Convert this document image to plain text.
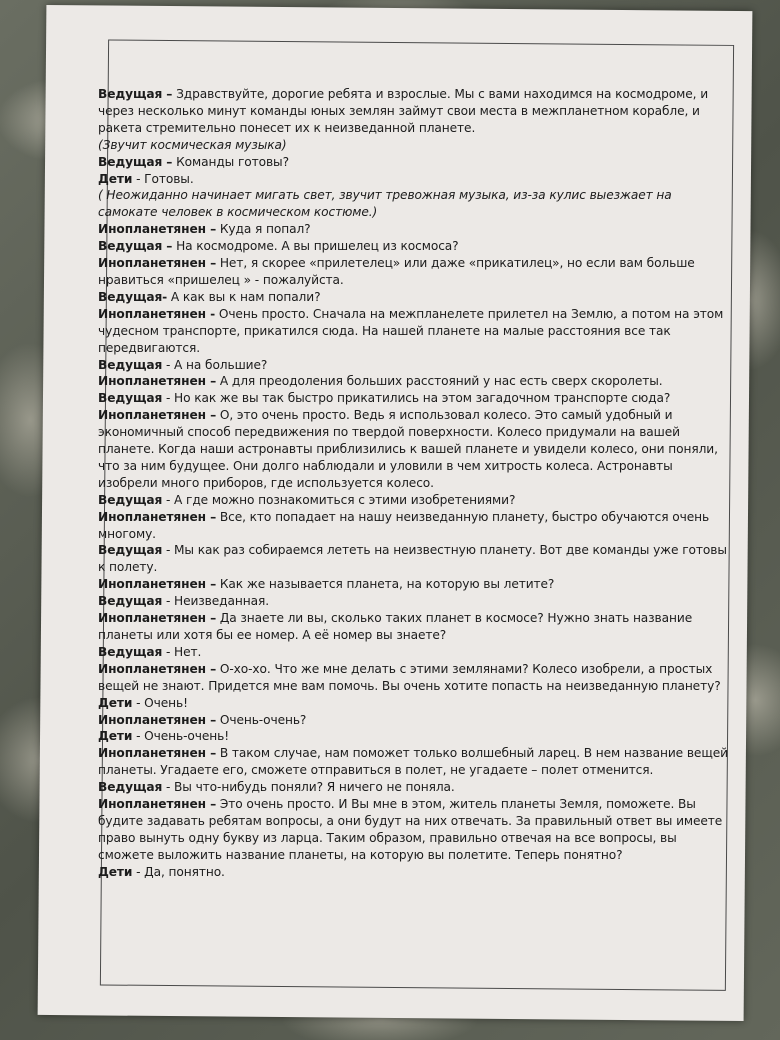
Ведущая – Здравствуйте, дорогие ребята и взрослые. Мы с вами находимся на космодроме, и через несколько минут команды юных землян займут свои места в межпланетном корабле, и ракета стремительно понесет их к неизведанной планете.

(Звучит космическая музыка)

Ведущая – Команды готовы?

Дети - Готовы.

( Неожиданно начинает мигать свет, звучит тревожная музыка, из-за кулис выезжает на самокате человек в космическом костюме.)

Инопланетянен – Куда я попал?

Ведущая – На космодроме. А вы пришелец из космоса?

Инопланетянен – Нет, я скорее «прилетелец» или даже «прикатилец», но если вам больше нравиться «пришелец » - пожалуйста.

Ведущая- А как вы к нам попали?

Инопланетянен - Очень просто. Сначала на межпланелете прилетел на Землю, а потом на этом чудесном транспорте, прикатился сюда. На нашей планете на малые расстояния все так передвигаются.

Ведущая - А на большие?

Инопланетянен – А для преодоления больших расстояний у нас есть сверх скоролеты.

Ведущая - Но как же вы так быстро прикатились на этом загадочном транспорте сюда?

Инопланетянен – О, это очень просто. Ведь я использовал колесо. Это самый удобный и экономичный способ передвижения по твердой поверхности. Колесо придумали на вашей планете. Когда наши астронавты приблизились к вашей планете и увидели колесо, они поняли, что за ним будущее. Они долго наблюдали и уловили в чем хитрость колеса. Астронавты изобрели много приборов, где используется колесо.

Ведущая - А где можно познакомиться с этими изобретениями?

Инопланетянен – Все, кто попадает на нашу неизведанную планету, быстро обучаются очень многому.

Ведущая - Мы как раз собираемся лететь на неизвестную планету. Вот две команды уже готовы к полету.

Инопланетянен – Как же называется планета, на которую вы летите?

Ведущая - Неизведанная.

Инопланетянен – Да знаете ли вы, сколько таких планет в космосе? Нужно знать название планеты или хотя бы ее номер. А её номер вы знаете?

Ведущая - Нет.

Инопланетянен – О-хо-хо. Что же мне делать с этими землянами? Колесо изобрели, а простых вещей не знают. Придется мне вам помочь. Вы очень хотите попасть на неизведанную планету?

Дети - Очень!

Инопланетянен – Очень-очень?

Дети - Очень-очень!

Инопланетянен – В таком случае, нам поможет только волшебный ларец. В нем название вещей планеты. Угадаете его, сможете отправиться в полет, не угадаете – полет отменится.

Ведущая - Вы что-нибудь поняли? Я ничего не поняла.

Инопланетянен – Это очень просто. И Вы мне в этом, житель планеты Земля, поможете. Вы будите задавать ребятам вопросы, а они будут на них отвечать. За правильный ответ вы имеете право вынуть одну букву из ларца. Таким образом, правильно отвечая на все вопросы, вы сможете выложить название планеты, на которую вы полетите. Теперь понятно?

Дети - Да, понятно.
